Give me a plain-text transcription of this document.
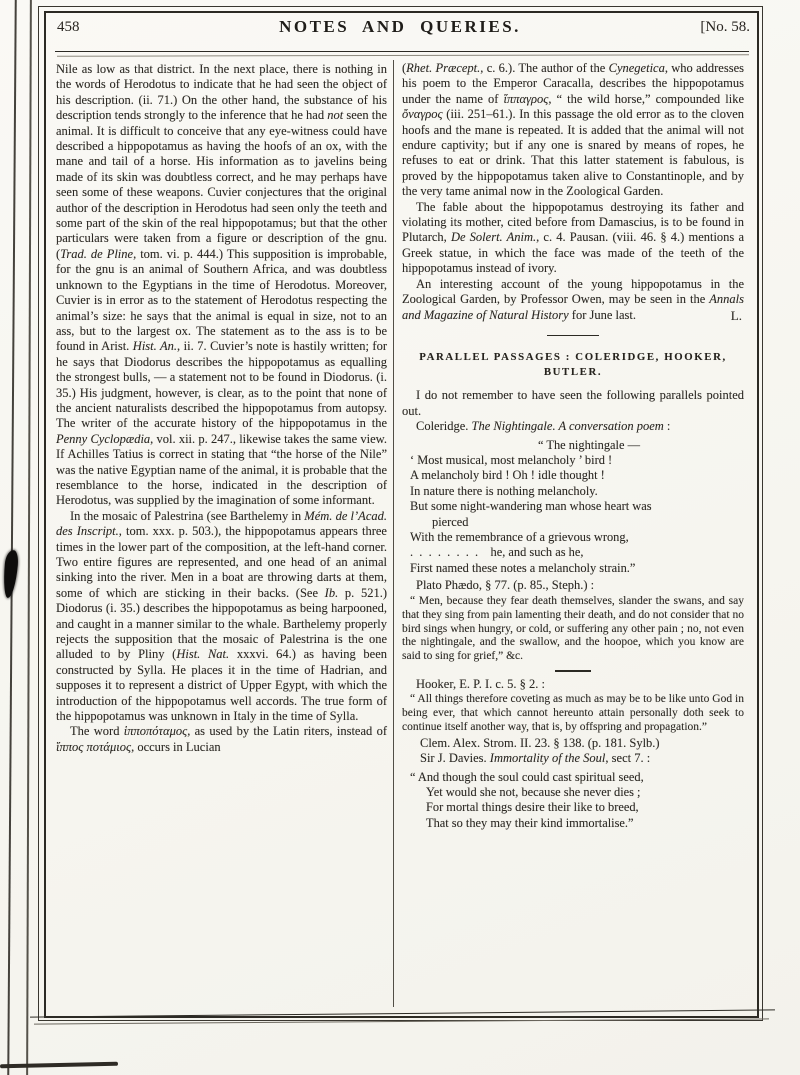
458	NOTES AND QUERIES.	[No. 58.

Nile as low as that district. In the next place, there is nothing in the words of Herodotus to indicate that he had seen the object of his description. (ii. 71.) On the other hand, the substance of his description tends strongly to the inference that he had not seen the animal. It is difficult to conceive that any eye-witness could have described a hippopotamus as having the hoofs of an ox, with the mane and tail of a horse. His information as to javelins being made of its skin was doubtless correct, and he may perhaps have seen some of these weapons. Cuvier conjectures that the original author of the description in Herodotus had seen only the teeth and some part of the skin of the real hippopotamus; but that the other particulars were taken from a figure or description of the gnu. (Trad. de Pline, tom. vi. p. 444.) This supposition is improbable, for the gnu is an animal of Southern Africa, and was doubtless unknown to the Egyptians in the time of Herodotus. Moreover, Cuvier is in error as to the statement of Herodotus respecting the animal’s size: he says that the animal is equal in size, not to an ass, but to the largest ox. The statement as to the ass is to be found in Arist. Hist. An., ii. 7. Cuvier’s note is hastily written; for he says that Diodorus describes the hippopotamus as equalling the strongest bulls, — a statement not to be found in Diodorus. (i. 35.) His judgment, however, is clear, as to the point that none of the ancient naturalists described the hippopotamus from autopsy. The writer of the accurate history of the hippopotamus in the Penny Cyclopædia, vol. xii. p. 247., likewise takes the same view. If Achilles Tatius is correct in stating that “the horse of the Nile” was the native Egyptian name of the animal, it is probable that the resemblance to the horse, indicated in the description of Herodotus, was supplied by the imagination of some informant.

In the mosaic of Palestrina (see Barthelemy in Mém. de l’Acad. des Inscript., tom. xxx. p. 503.), the hippopotamus appears three times in the lower part of the composition, at the left-hand corner. Two entire figures are represented, and one head of an animal sinking into the river. Men in a boat are throwing darts at them, some of which are sticking in their backs. (See Ib. p. 521.) Diodorus (i. 35.) describes the hippopotamus as being harpooned, and caught in a manner similar to the whale. Barthelemy properly rejects the supposition that the mosaic of Palestrina is the one alluded to by Pliny (Hist. Nat. xxxvi. 64.) as having been constructed by Sylla. He places it in the time of Hadrian, and supposes it to represent a district of Upper Egypt, with which the introduction of the hippopotamus well accords. The true form of the hippopotamus was unknown in Italy in the time of Sylla.

The word ἱπποπόταμος, as used by the Latin riters, instead of ἵππος ποτάμιος, occurs in Lucian

(Rhet. Præcept., c. 6.). The author of the Cynegetica, who addresses his poem to the Emperor Caracalla, describes the hippopotamus under the name of ἵππαγρος, “ the wild horse,” compounded like ὄναγρος (iii. 251–61.). In this passage the old error as to the cloven hoofs and the mane is repeated. It is added that the animal will not endure captivity; but if any one is snared by means of ropes, he refuses to eat or drink. That this latter statement is fabulous, is proved by the hippopotamus taken alive to Constantinople, and by the very tame animal now in the Zoological Garden.

The fable about the hippopotamus destroying its father and violating its mother, cited before from Damascius, is to be found in Plutarch, De Solert. Anim., c. 4. Pausan. (viii. 46. § 4.) mentions a Greek statue, in which the face was made of the teeth of the hippopotamus instead of ivory.

An interesting account of the young hippopotamus in the Zoological Garden, by Professor Owen, may be seen in the Annals and Magazine of Natural History for June last.	L.

PARALLEL PASSAGES : COLERIDGE, HOOKER,

BUTLER.

I do not remember to have seen the following parallels pointed out.

Coleridge. The Nightingale. A conversation poem :

“ The nightingale —
‘ Most musical, most melancholy ’ bird !
A melancholy bird ! Oh ! idle thought !
In nature there is nothing melancholy.
But some night-wandering man whose heart was
pierced
With the remembrance of a grievous wrong,
. . . . . . . . he, and such as he,
First named these notes a melancholy strain.”

Plato Phædo, § 77. (p. 85., Steph.) :

“ Men, because they fear death themselves, slander the swans, and say that they sing from pain lamenting their death, and do not consider that no bird sings when hungry, or cold, or suffering any other pain ; no, not even the nightingale, and the swallow, and the hoopoe, which you know are said to sing for grief,” &c.

Hooker, E. P. I. c. 5. § 2. :

“ All things therefore coveting as much as may be to be like unto God in being ever, that which cannot hereunto attain personally doth seek to continue itself another way, that is, by offspring and propagation.”

Clem. Alex. Strom. II. 23. § 138. (p. 181. Sylb.)

Sir J. Davies. Immortality of the Soul, sect 7. :

“ And though the soul could cast spiritual seed,
Yet would she not, because she never dies ;
For mortal things desire their like to breed,
That so they may their kind immortalise.”
